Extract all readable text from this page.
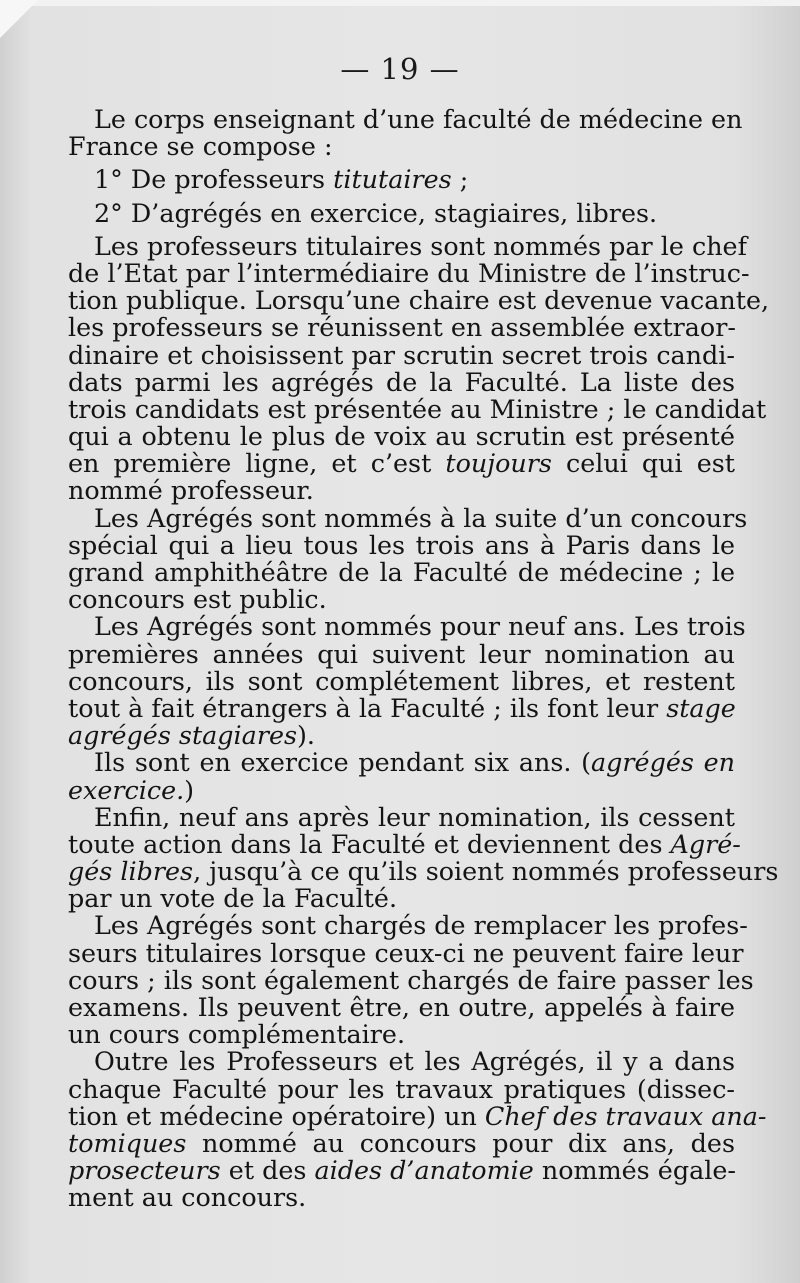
— 19 —
Le corps enseignant d’une faculté de médecine en
France se compose :
1° De professeurs titutaires ;
2° D’agrégés en exercice, stagiaires, libres.
Les professeurs titulaires sont nommés par le chef
de l’Etat par l’intermédiaire du Ministre de l’instruc-
tion publique. Lorsqu’une chaire est devenue vacante,
les professeurs se réunissent en assemblée extraor-
dinaire et choisissent par scrutin secret trois candi-
dats parmi les agrégés de la Faculté. La liste des
trois candidats est présentée au Ministre ; le candidat
qui a obtenu le plus de voix au scrutin est présenté
en première ligne, et c’est toujours celui qui est
nommé professeur.
Les Agrégés sont nommés à la suite d’un concours
spécial qui a lieu tous les trois ans à Paris dans le
grand amphithéâtre de la Faculté de médecine ; le
concours est public.
Les Agrégés sont nommés pour neuf ans. Les trois
premières années qui suivent leur nomination au
concours, ils sont complétement libres, et restent
tout à fait étrangers à la Faculté ; ils font leur stage
agrégés stagiares).
Ils sont en exercice pendant six ans. (agrégés en
exercice.)
Enfin, neuf ans après leur nomination, ils cessent
toute action dans la Faculté et deviennent des Agré-
gés libres, jusqu’à ce qu’ils soient nommés professeurs
par un vote de la Faculté.
Les Agrégés sont chargés de remplacer les profes-
seurs titulaires lorsque ceux-ci ne peuvent faire leur
cours ; ils sont également chargés de faire passer les
examens. Ils peuvent être, en outre, appelés à faire
un cours complémentaire.
Outre les Professeurs et les Agrégés, il y a dans
chaque Faculté pour les travaux pratiques (dissec-
tion et médecine opératoire) un Chef des travaux ana-
tomiques nommé au concours pour dix ans, des
prosecteurs et des aides d’anatomie nommés égale-
ment au concours.
